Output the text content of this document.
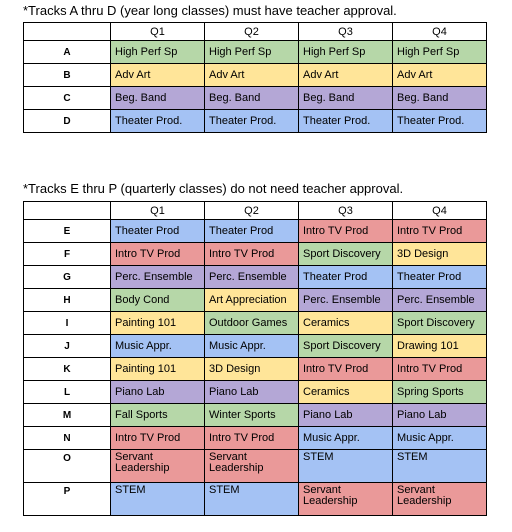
*Tracks A thru D (year long classes) must have teacher approval.
	Q1	Q2	Q3	Q4
A	High Perf Sp	High Perf Sp	High Perf Sp	High Perf Sp
B	Adv Art	Adv Art	Adv Art	Adv Art
C	Beg. Band	Beg. Band	Beg. Band	Beg. Band
D	Theater Prod.	Theater Prod.	Theater Prod.	Theater Prod.
*Tracks E thru P (quarterly classes) do not need teacher approval.
	Q1	Q2	Q3	Q4
E	Theater Prod	Theater Prod	Intro TV Prod	Intro TV Prod
F	Intro TV Prod	Intro TV Prod	Sport Discovery	3D Design
G	Perc. Ensemble	Perc. Ensemble	Theater Prod	Theater Prod
H	Body Cond	Art Appreciation	Perc. Ensemble	Perc. Ensemble
I	Painting 101	Outdoor Games	Ceramics	Sport Discovery
J	Music Appr.	Music Appr.	Sport Discovery	Drawing 101
K	Painting 101	3D Design	Intro TV Prod	Intro TV Prod
L	Piano Lab	Piano Lab	Ceramics	Spring Sports
M	Fall Sports	Winter Sports	Piano Lab	Piano Lab
N	Intro TV Prod	Intro TV Prod	Music Appr.	Music Appr.
O	Servant Leadership	Servant Leadership	STEM	STEM
P	STEM	STEM	Servant Leadership	Servant Leadership
